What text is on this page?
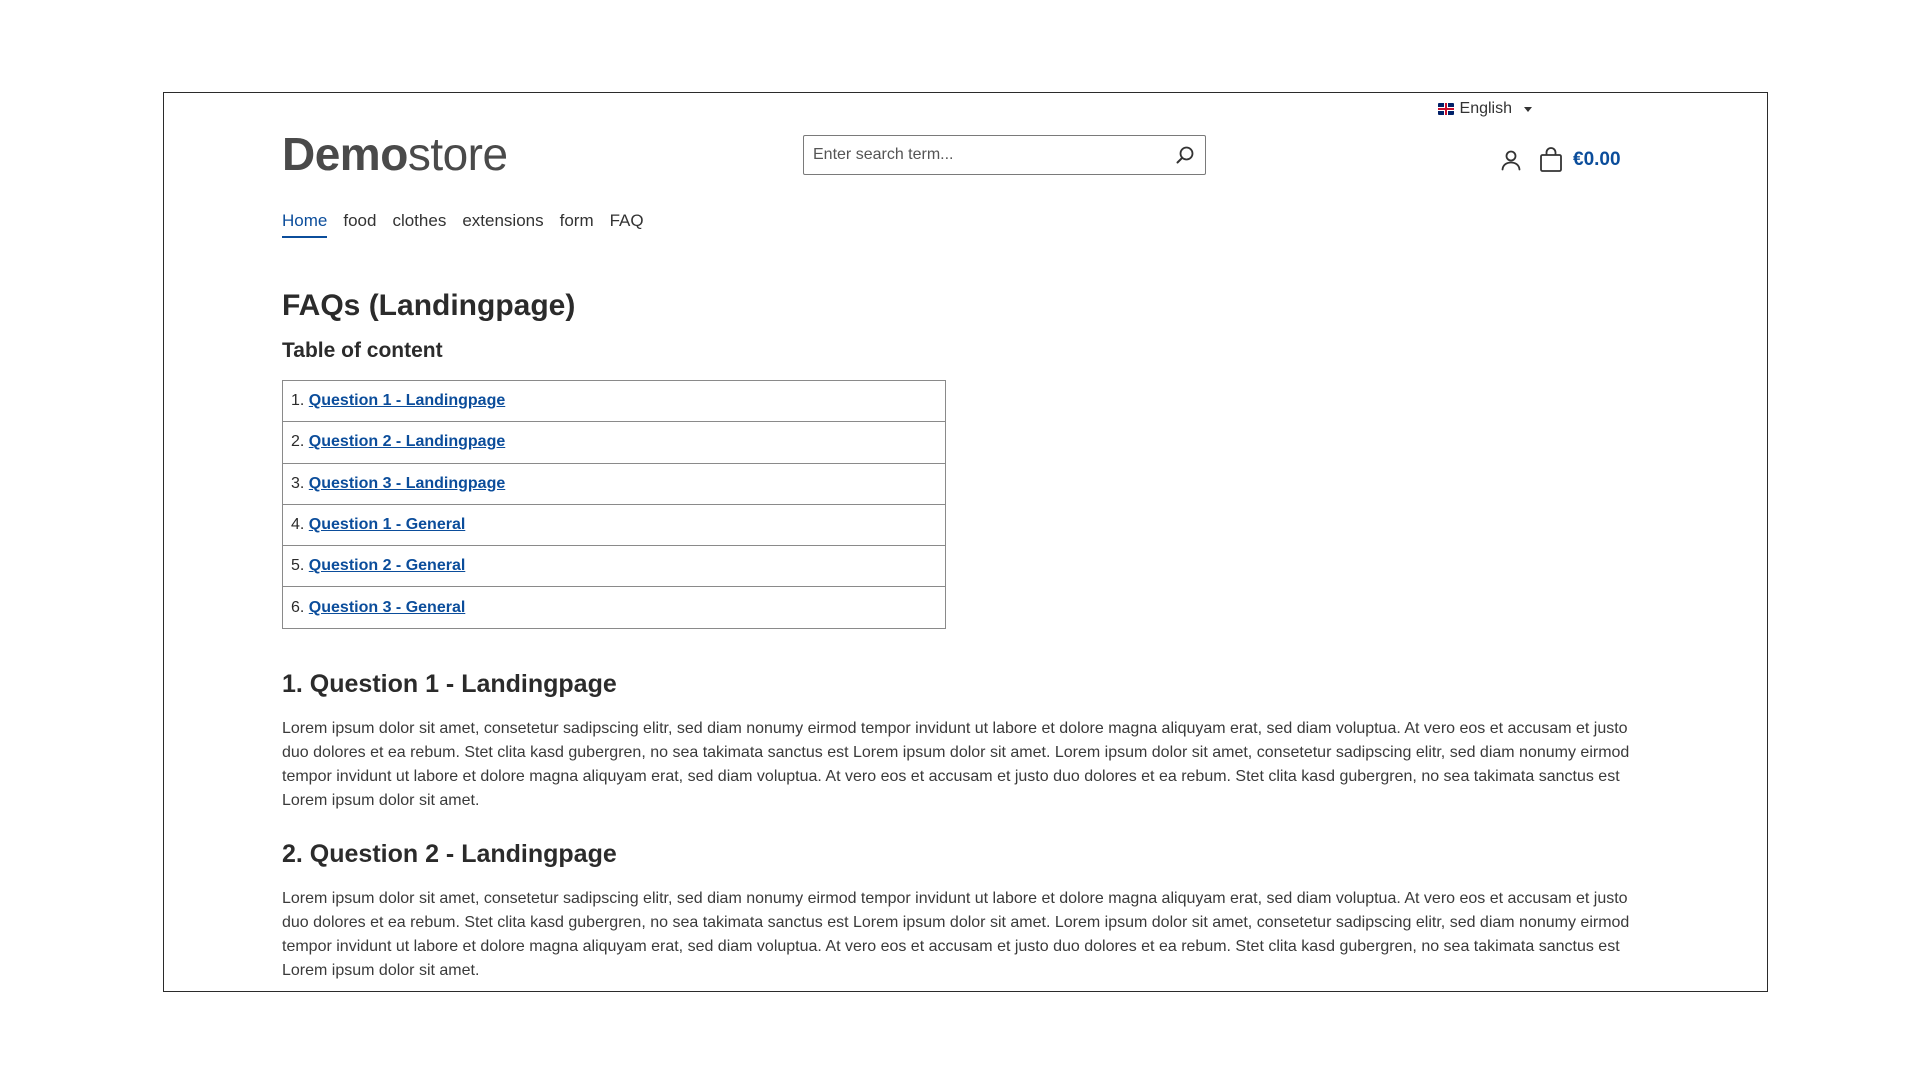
English
Demostore
Enter search term...	€0.00
Home food clothes extensions form FAQ
FAQs (Landingpage)
Table of content
1. Question 1 - Landingpage
2. Question 2 - Landingpage
3. Question 3 - Landingpage
4. Question 1 - General
5. Question 2 - General
6. Question 3 - General
1. Question 1 - Landingpage

Lorem ipsum dolor sit amet, consetetur sadipscing elitr, sed diam nonumy eirmod tempor invidunt ut labore et dolore magna aliquyam erat, sed diam voluptua. At vero eos et accusam et justo duo dolores et ea rebum. Stet clita kasd gubergren, no sea takimata sanctus est Lorem ipsum dolor sit amet. Lorem ipsum dolor sit amet, consetetur sadipscing elitr, sed diam nonumy eirmod tempor invidunt ut labore et dolore magna aliquyam erat, sed diam voluptua. At vero eos et accusam et justo duo dolores et ea rebum. Stet clita kasd gubergren, no sea takimata sanctus est Lorem ipsum dolor sit amet.

2. Question 2 - Landingpage

Lorem ipsum dolor sit amet, consetetur sadipscing elitr, sed diam nonumy eirmod tempor invidunt ut labore et dolore magna aliquyam erat, sed diam voluptua. At vero eos et accusam et justo duo dolores et ea rebum. Stet clita kasd gubergren, no sea takimata sanctus est Lorem ipsum dolor sit amet. Lorem ipsum dolor sit amet, consetetur sadipscing elitr, sed diam nonumy eirmod tempor invidunt ut labore et dolore magna aliquyam erat, sed diam voluptua. At vero eos et accusam et justo duo dolores et ea rebum. Stet clita kasd gubergren, no sea takimata sanctus est Lorem ipsum dolor sit amet.
